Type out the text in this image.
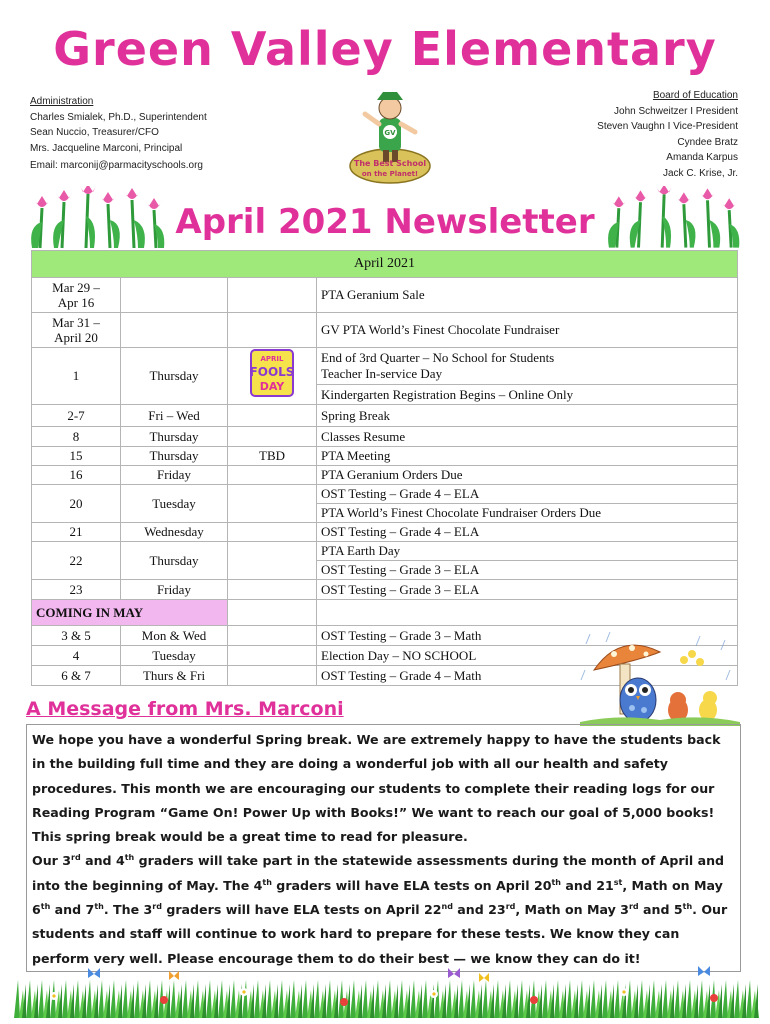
Green Valley Elementary
Administration
Charles Smialek, Ph.D., Superintendent
Sean Nuccio, Treasurer/CFO
Mrs. Jacqueline Marconi, Principal
Email: marconij@parmacityschools.org
Board of Education
John Schweitzer I President
Steven Vaughn I Vice-President
Cyndee Bratz
Amanda Karpus
Jack C. Krise, Jr.
GV
The Best School
on the Planet!
April 2021 Newsletter
April 2021			
Mar 29 –
Apr 16			PTA Geranium Sale
Mar 31 –
April 20			GV PTA World’s Finest Chocolate Fundraiser
1	Thursday	APRIL
FOOLS
DAY	End of 3rd Quarter – No School for Students
Teacher In-service Day
			Kindergarten Registration Begins – Online Only
2-7	Fri – Wed		Spring Break
8	Thursday		Classes Resume
15	Thursday	TBD	PTA Meeting
16	Friday		PTA Geranium Orders Due
20	Tuesday		OST Testing – Grade 4 – ELA
			PTA World’s Finest Chocolate Fundraiser Orders Due
21	Wednesday		OST Testing – Grade 4 – ELA
22	Thursday		PTA Earth Day
			OST Testing – Grade 3 – ELA
23	Friday		OST Testing – Grade 3 – ELA
COMING IN MAY			
3 & 5	Mon & Wed		OST Testing – Grade 3 – Math
4	Tuesday		Election Day – NO SCHOOL
6 & 7	Thurs & Fri		OST Testing – Grade 4 – Math
A Message from Mrs. Marconi
We hope you have a wonderful Spring break. We are extremely happy to have the students back in the building full time and they are doing a wonderful job with all our health and safety procedures. This month we are encouraging our students to complete their reading logs for our Reading Program “Game On! Power Up with Books!” We want to reach our goal of 5,000 books! This spring break would be a great time to read for pleasure.
Our 3rd and 4th graders will take part in the statewide assessments during the month of April and into the beginning of May. The 4th graders will have ELA tests on April 20th and 21st, Math on May 6th and 7th. The 3rd graders will have ELA tests on April 22nd and 23rd, Math on May 3rd and 5th. Our students and staff will continue to work hard to prepare for these tests. We know they can perform very well. Please encourage them to do their best — we know they can do it!
